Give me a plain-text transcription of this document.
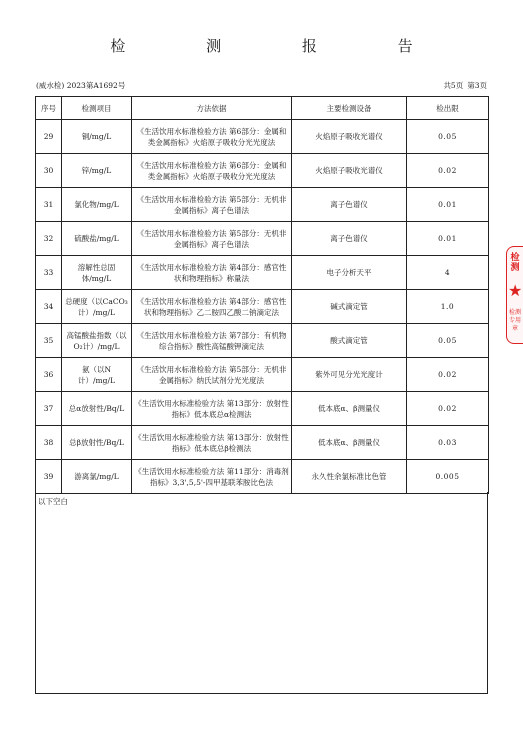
检 测 报 告
(威水检) 2023第A1692号	共5页 第3页
序号	检测项目	方法依据	主要检测设备	检出限
29	铜/mg/L	《生活饮用水标准检验方法 第6部分：金属和类金属指标》火焰原子吸收分光光度法	火焰原子吸收光谱仪	0.05
30	锌/mg/L	《生活饮用水标准检验方法 第6部分：金属和类金属指标》火焰原子吸收分光光度法	火焰原子吸收光谱仪	0.02
31	氯化物/mg/L	《生活饮用水标准检验方法 第5部分：无机非金属指标》离子色谱法	离子色谱仪	0.01
32	硫酸盐/mg/L	《生活饮用水标准检验方法 第5部分：无机非金属指标》离子色谱法	离子色谱仪	0.01
33	溶解性总固体/mg/L	《生活饮用水标准检验方法 第4部分：感官性状和物理指标》称量法	电子分析天平	4
34	总硬度（以CaCO₃计）/mg/L	《生活饮用水标准检验方法 第4部分：感官性状和物理指标》乙二胺四乙酸二钠滴定法	碱式滴定管	1.0
35	高锰酸盐指数（以O₂计）/mg/L	《生活饮用水标准检验方法 第7部分：有机物综合指标》酸性高锰酸钾滴定法	酸式滴定管	0.05
36	氨（以N计）/mg/L	《生活饮用水标准检验方法 第5部分：无机非金属指标》纳氏试剂分光光度法	紫外可见分光光度计	0.02
37	总α放射性/Bq/L	《生活饮用水标准检验方法 第13部分：放射性指标》低本底总α检测法	低本底α、β测量仪	0.02
38	总β放射性/Bq/L	《生活饮用水标准检验方法 第13部分：放射性指标》低本底总β检测法	低本底α、β测量仪	0.03
39	游离氯/mg/L	《生活饮用水标准检验方法 第11部分：消毒剂指标》3,3',5,5'-四甲基联苯胺比色法	永久性余氯标准比色管	0.005
以下空白
检测
★
检测专用章
